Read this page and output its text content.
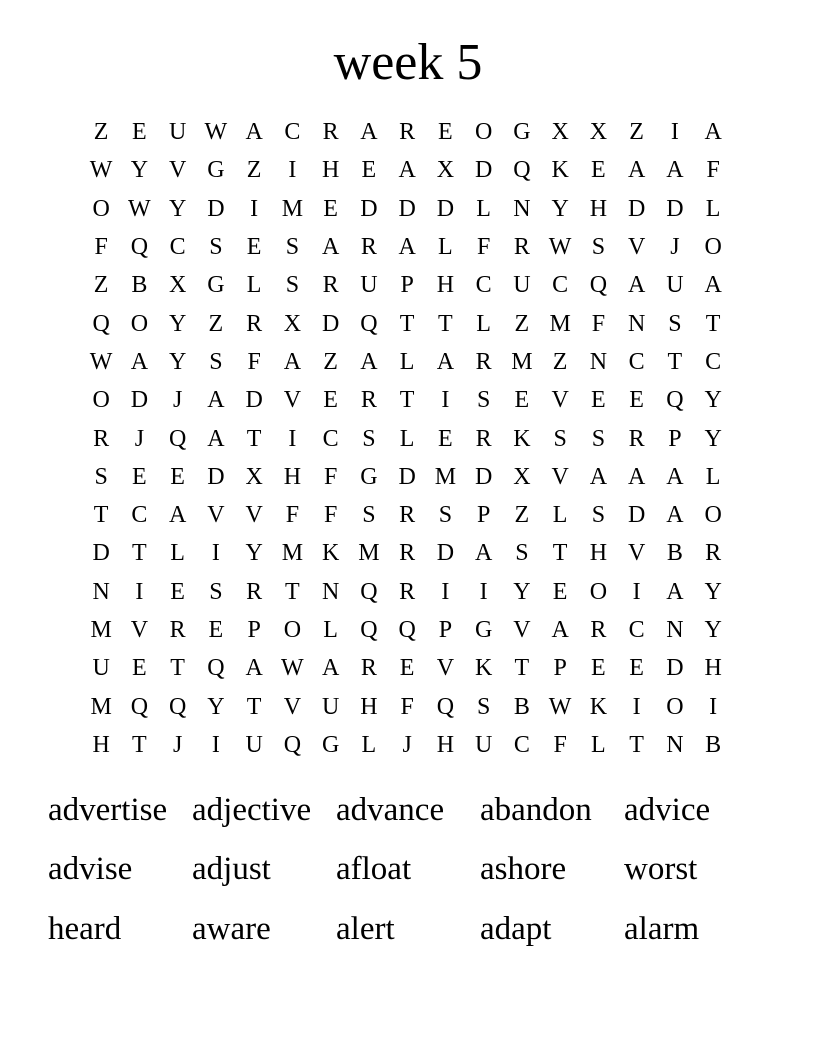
week 5
Z E U W A C R A R E O G X X Z	I	A
W Y V G Z	I	H E A X D Q K E A A F
O W Y D	I M E D D D L N Y H D D L
F Q C S	E	S A R A L	F R W S V	J	O
Z B X G L	S R U P H C U C Q A U A
Q O Y Z R X D Q T T L Z M F N S	T
W A Y S	F A Z A L A R M Z N C T C
O D	J	A D V E R T	I	S	E V E E Q Y
R	J	Q A T	I	C S	L E R K S	S R P Y
S	E E D X H F G D M D X V A A A L
T C A V V F	F	S R S	P	Z L	S D A O
D T L	I	Y M K M R D A S	T H V B R
N	I	E	S R T N Q R	I	I	Y E O	I	A Y
M V R E	P O L Q Q P G V A R C N Y
U E T Q A W A R E V K T	P	E E D H
M Q Q Y T V U H F Q S B W K	I	O	I
H T	J	I	U Q G L	J	H U C F	L T N B
advertise adjective advance	abandon advice
advise	adjust	afloat	ashore	worst
heard	aware	alert	adapt	alarm
